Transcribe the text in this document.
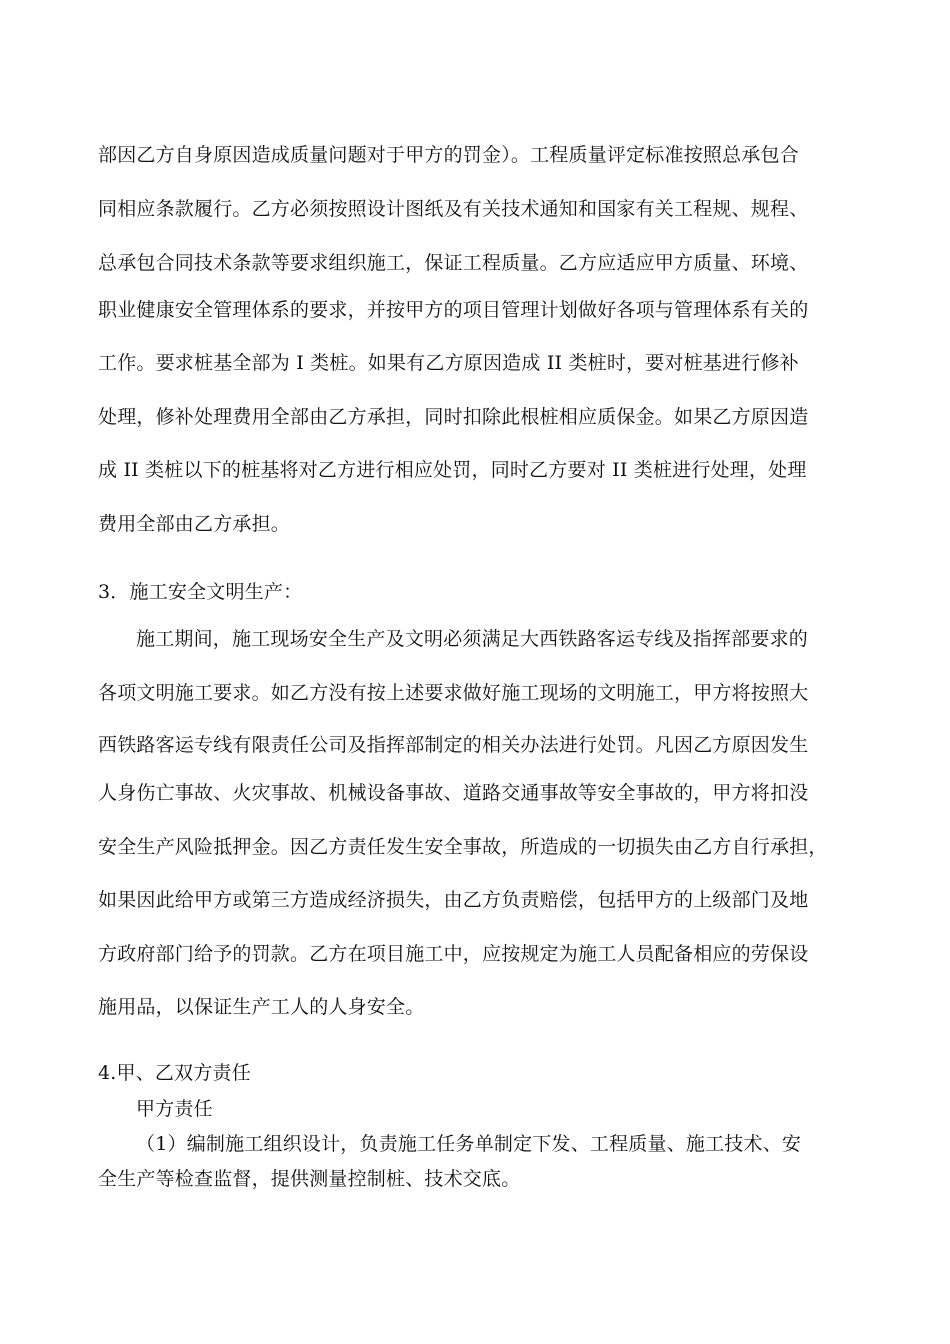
部因乙方自身原因造成质量问题对于甲方的罚金）。工程质量评定标准按照总承包合
同相应条款履行。乙方必须按照设计图纸及有关技术通知和国家有关工程规、规程、
总承包合同技术条款等要求组织施工，保证工程质量。乙方应适应甲方质量、环境、
职业健康安全管理体系的要求，并按甲方的项目管理计划做好各项与管理体系有关的
工作。要求桩基全部为 I 类桩。如果有乙方原因造成 II 类桩时，要对桩基进行修补
处理，修补处理费用全部由乙方承担，同时扣除此根桩相应质保金。如果乙方原因造
成 II 类桩以下的桩基将对乙方进行相应处罚，同时乙方要对 II 类桩进行处理，处理
费用全部由乙方承担。
3．施工安全文明生产：
施工期间，施工现场安全生产及文明必须满足大西铁路客运专线及指挥部要求的
各项文明施工要求。如乙方没有按上述要求做好施工现场的文明施工，甲方将按照大
西铁路客运专线有限责任公司及指挥部制定的相关办法进行处罚。凡因乙方原因发生
人身伤亡事故、火灾事故、机械设备事故、道路交通事故等安全事故的，甲方将扣没
安全生产风险抵押金。因乙方责任发生安全事故，所造成的一切损失由乙方自行承担，
如果因此给甲方或第三方造成经济损失，由乙方负责赔偿，包括甲方的上级部门及地
方政府部门给予的罚款。乙方在项目施工中，应按规定为施工人员配备相应的劳保设
施用品，以保证生产工人的人身安全。
4.甲、乙双方责任
甲方责任
（1）编制施工组织设计，负责施工任务单制定下发、工程质量、施工技术、安
全生产等检查监督，提供测量控制桩、技术交底。
